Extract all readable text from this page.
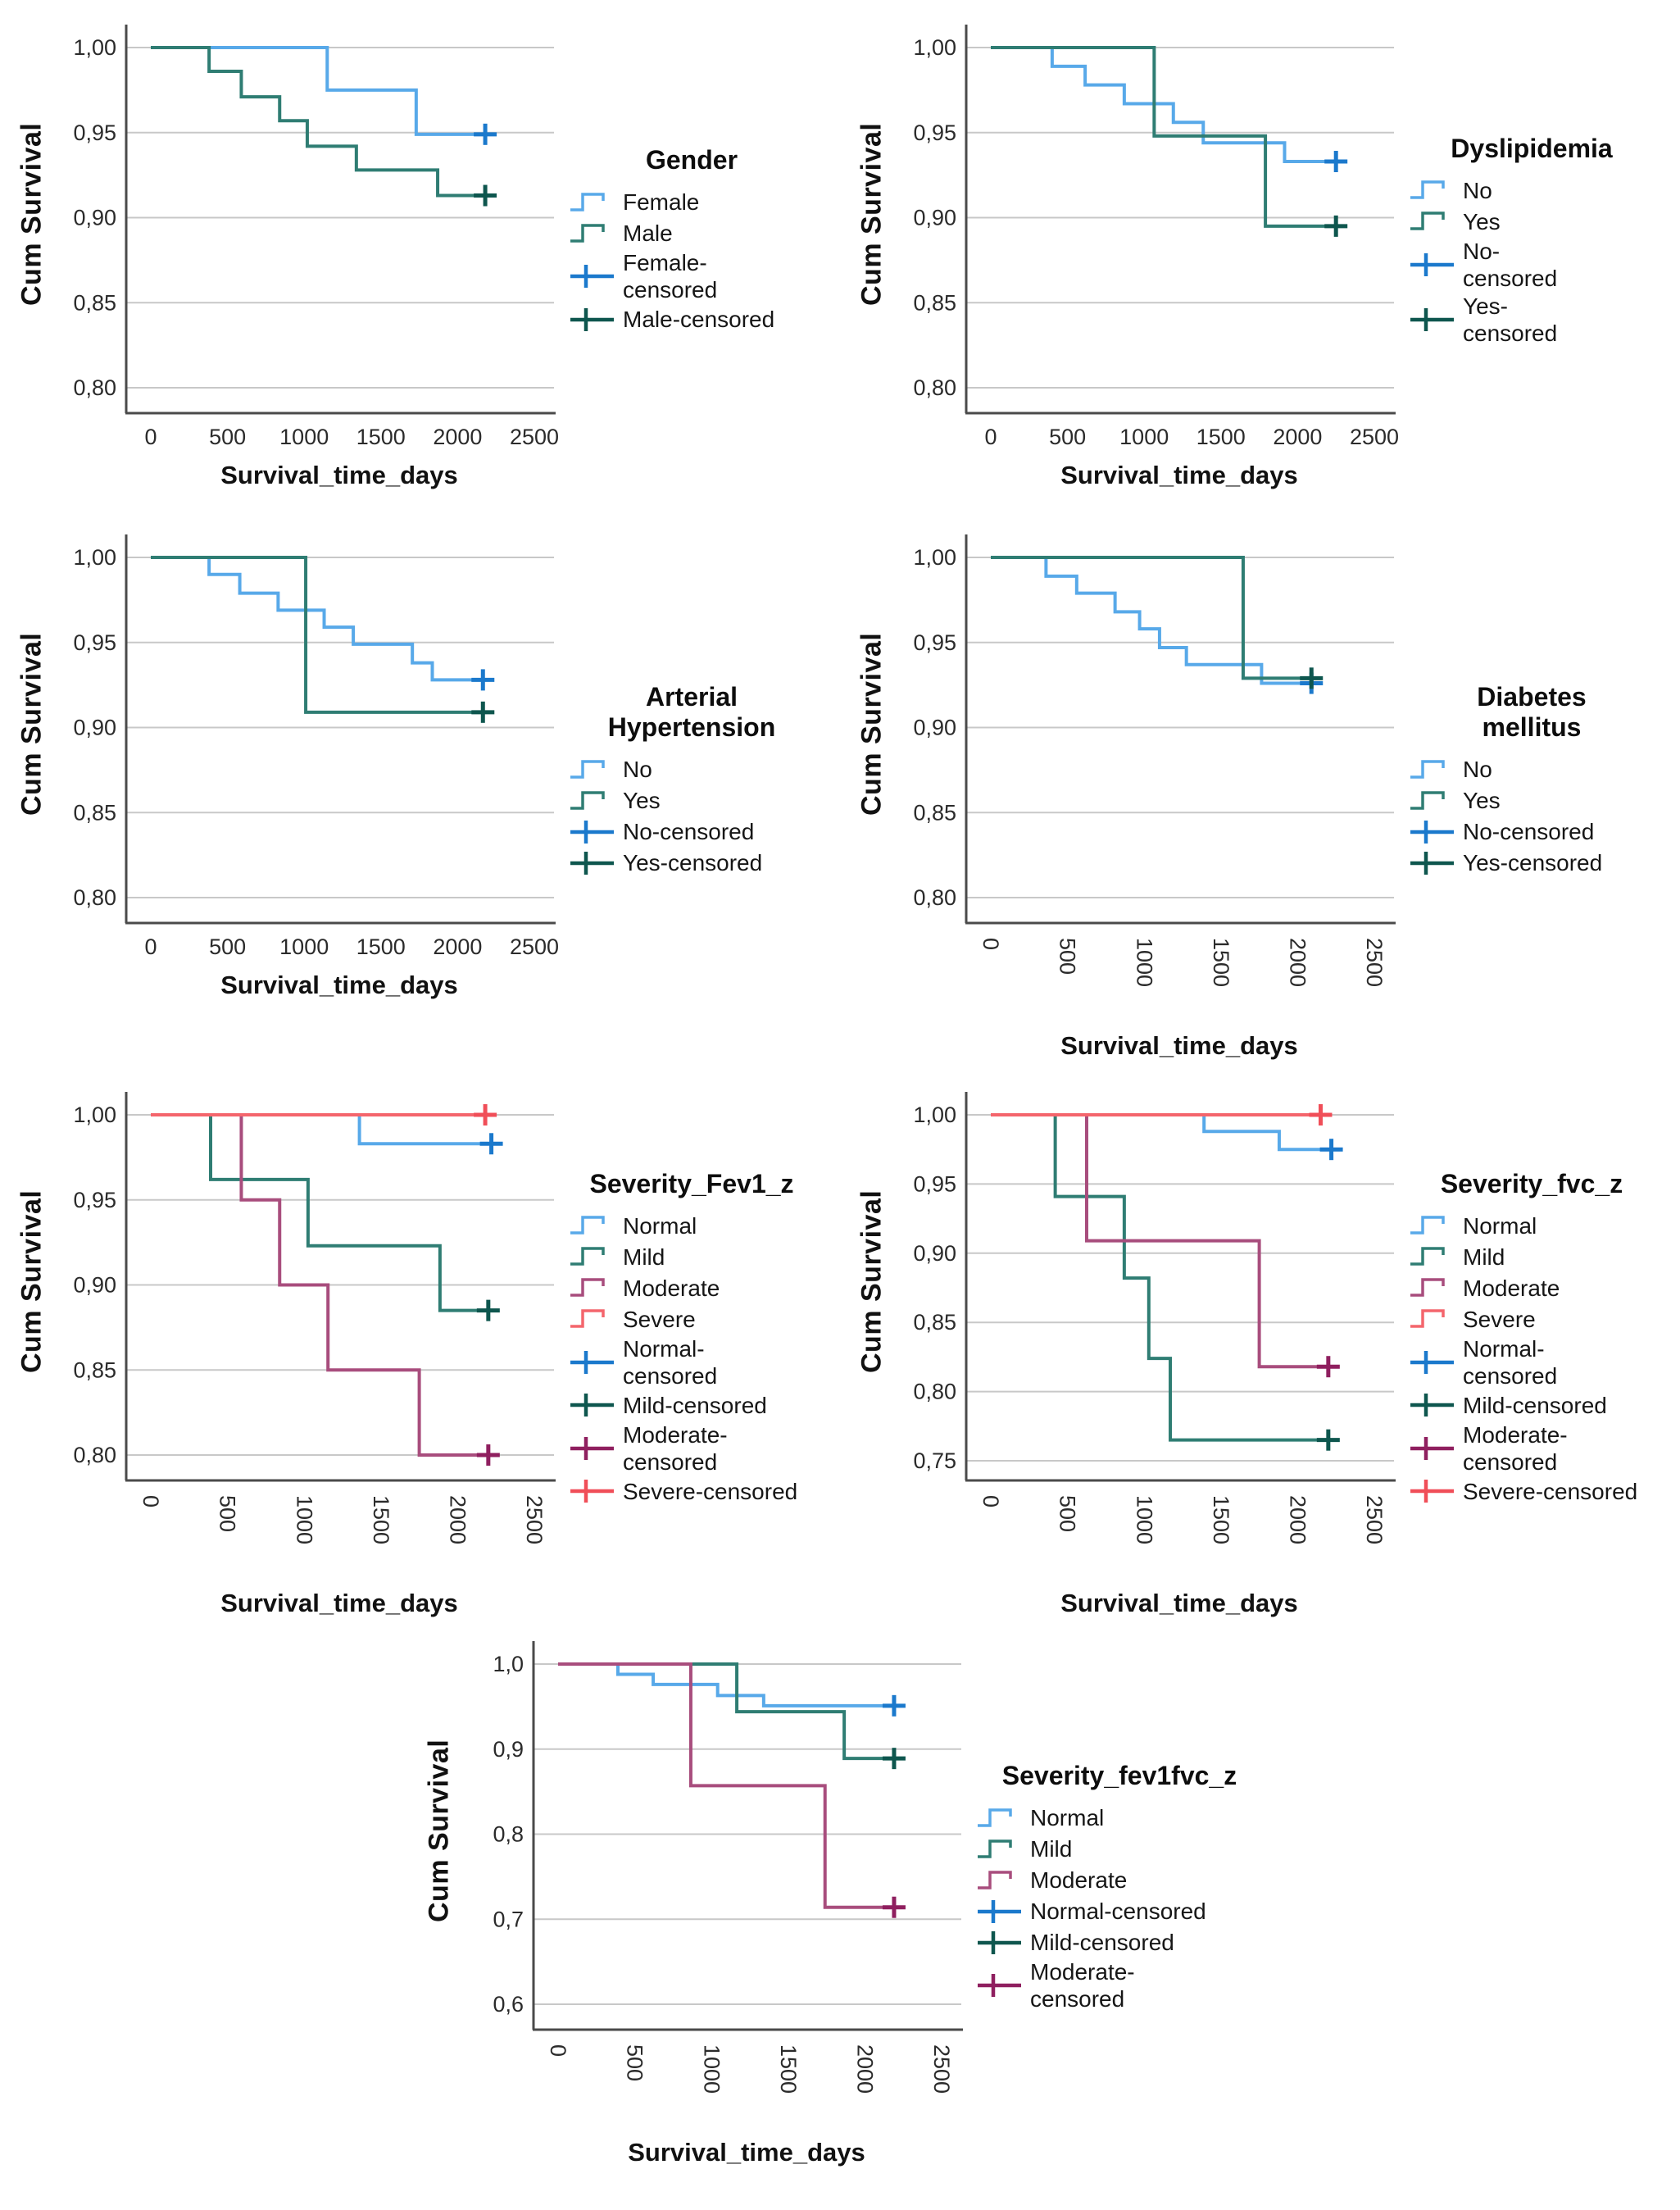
Cum Survival
1,00
0,95
0,90
0,85
0,80
0 500 1000 1500 2000 2500
Survival_time_days
Gender
Female
Male
Female-
censored
Male-censored
Cum Survival
1,00
0,95
0,90
0,85
0,80
0 500 1000 1500 2000 2500
Survival_time_days
Dyslipidemia
No
Yes
No-
censored
Yes-
censored
Cum Survival
1,00
0,95
0,90
0,85
0,80
0 500 1000 1500 2000 2500
Survival_time_days
Arterial
Hypertension
No
Yes
No-censored
Yes-censored
Cum Survival
1,00
0,95
0,90
0,85
0,80
0 500 1000 1500 2000 2500
Survival_time_days
Diabetes
mellitus
No
Yes
No-censored
Yes-censored
Cum Survival
1,00
0,95
0,90
0,85
0,80
0 500 1000 1500 2000 2500
Survival_time_days
Severity_Fev1_z
Normal
Mild
Moderate
Severe
Normal-
censored
Mild-censored
Moderate-
censored
Severe-censored
Cum Survival
1,00
0,95
0,90
0,85
0,80
0,75
0 500 1000 1500 2000 2500
Survival_time_days
Severity_fvc_z
Normal
Mild
Moderate
Severe
Normal-
censored
Mild-censored
Moderate-
censored
Severe-censored
Cum Survival
1,0
0,9
0,8
0,7
0,6
0 500 1000 1500 2000 2500
Survival_time_days
Severity_fev1fvc_z
Normal
Mild
Moderate
Normal-censored
Mild-censored
Moderate-
censored
